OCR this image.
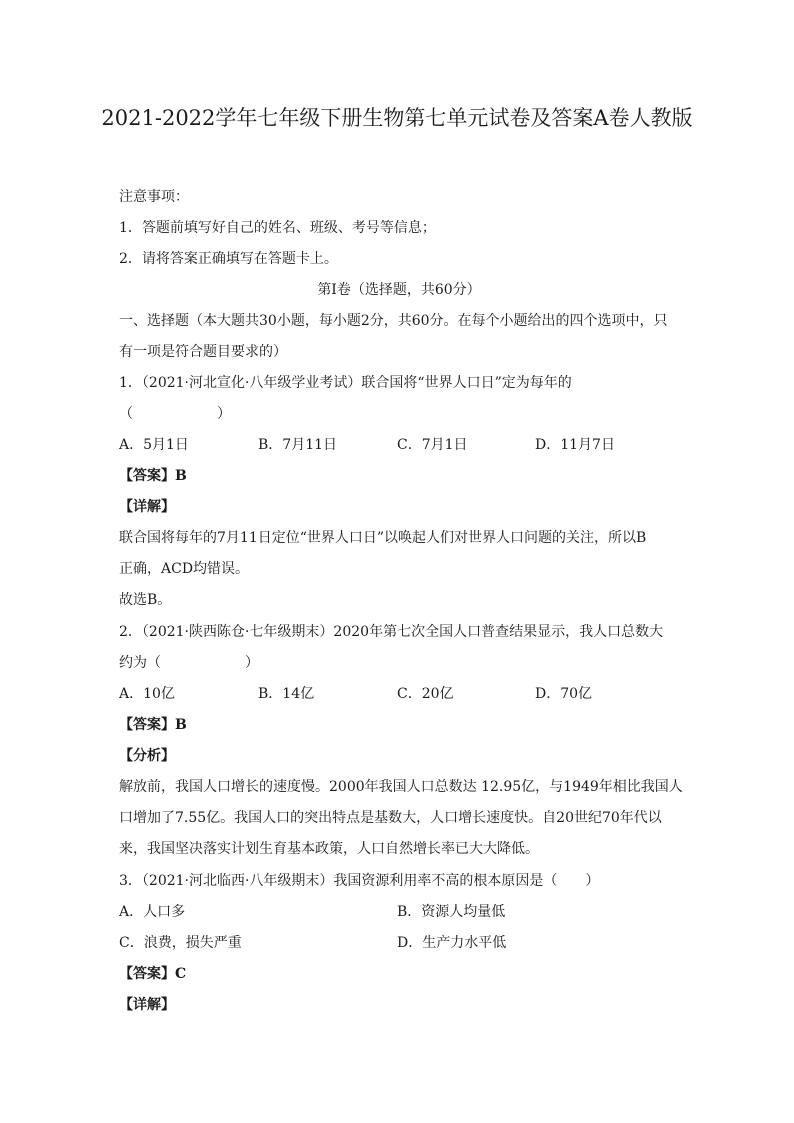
2021-2022学年七年级下册生物第七单元试卷及答案A卷人教版
注意事项：
1．答题前填写好自己的姓名、班级、考号等信息；
2．请将答案正确填写在答题卡上。
第I卷（选择题，共60分）
一、选择题（本大题共30小题，每小题2分，共60分。在每个小题给出的四个选项中，只
有一项是符合题目要求的）
1．（2021·河北宣化·八年级学业考试）联合国将“世界人口日”定为每年的
（　　　　　　）
A．5月1日	B．7月11日	C．7月1日	D．11月7日
【答案】B
【详解】
联合国将每年的7月11日定位“世界人口日”以唤起人们对世界人口问题的关注，所以B
正确，ACD均错误。
故选B。
2．（2021·陕西陈仓·七年级期末）2020年第七次全国人口普查结果显示，我人口总数大
约为（　　　　　　）
A．10亿	B．14亿	C．20亿	D．70亿
【答案】B
【分析】
解放前，我国人口增长的速度慢。2000年我国人口总数达 12.95亿，与1949年相比我国人
口增加了7.55亿。我国人口的突出特点是基数大，人口增长速度快。自20世纪70年代以
来，我国坚决落实计划生育基本政策，人口自然增长率已大大降低。
3．（2021·河北临西·八年级期末）我国资源利用率不高的根本原因是（　　）
A．人口多	B．资源人均量低
C．浪费，损失严重	D．生产力水平低
【答案】C
【详解】
